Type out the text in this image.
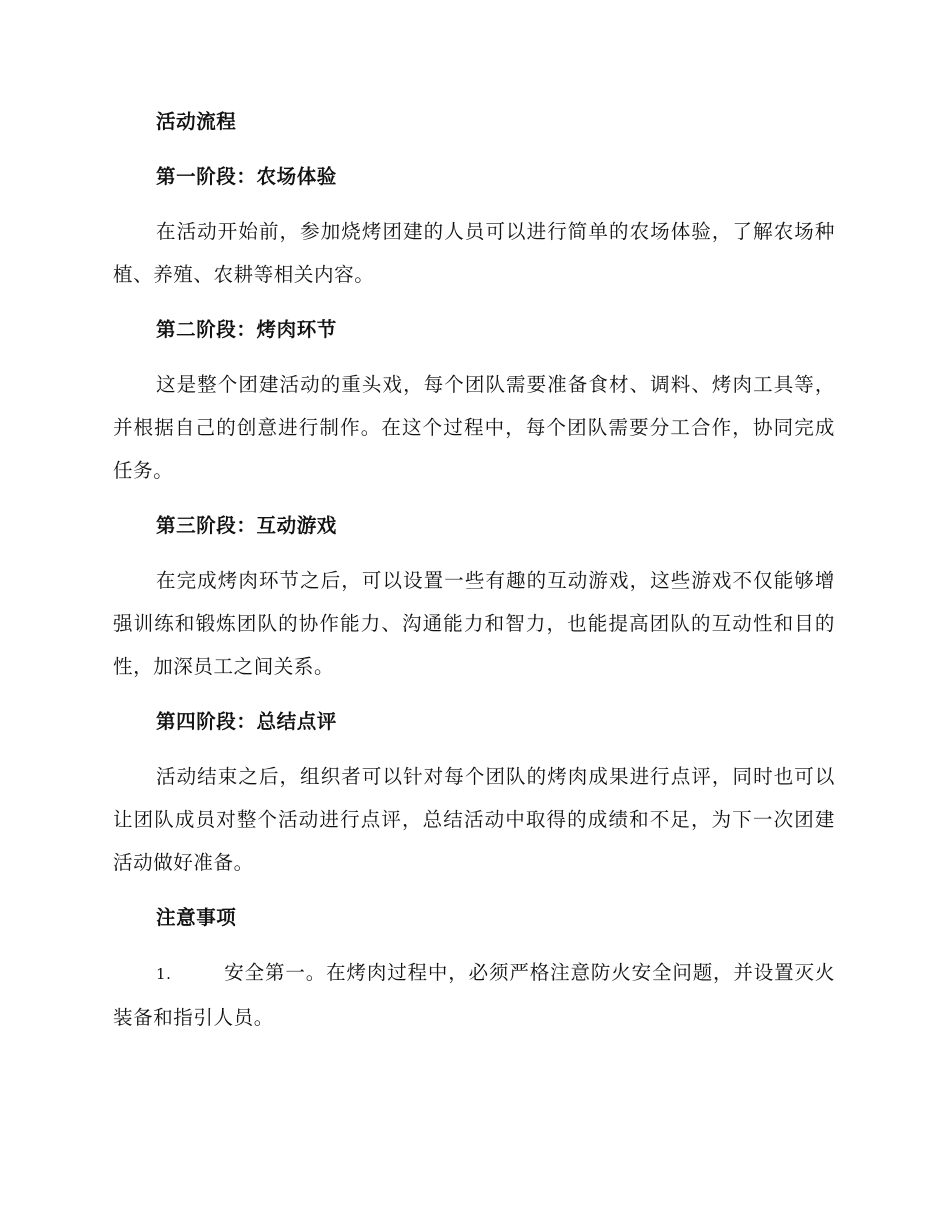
活动流程
第一阶段：农场体验

在活动开始前，参加烧烤团建的人员可以进行简单的农场体验，了解农场种植、养殖、农耕等相关内容。

第二阶段：烤肉环节

这是整个团建活动的重头戏，每个团队需要准备食材、调料、烤肉工具等，并根据自己的创意进行制作。在这个过程中，每个团队需要分工合作，协同完成任务。

第三阶段：互动游戏

在完成烤肉环节之后，可以设置一些有趣的互动游戏，这些游戏不仅能够增强训练和锻炼团队的协作能力、沟通能力和智力，也能提高团队的互动性和目的性，加深员工之间关系。

第四阶段：总结点评

活动结束之后，组织者可以针对每个团队的烤肉成果进行点评，同时也可以让团队成员对整个活动进行点评，总结活动中取得的成绩和不足，为下一次团建活动做好准备。

注意事项

1.	安全第一。在烤肉过程中，必须严格注意防火安全问题，并设置灭火装备和指引人员。
